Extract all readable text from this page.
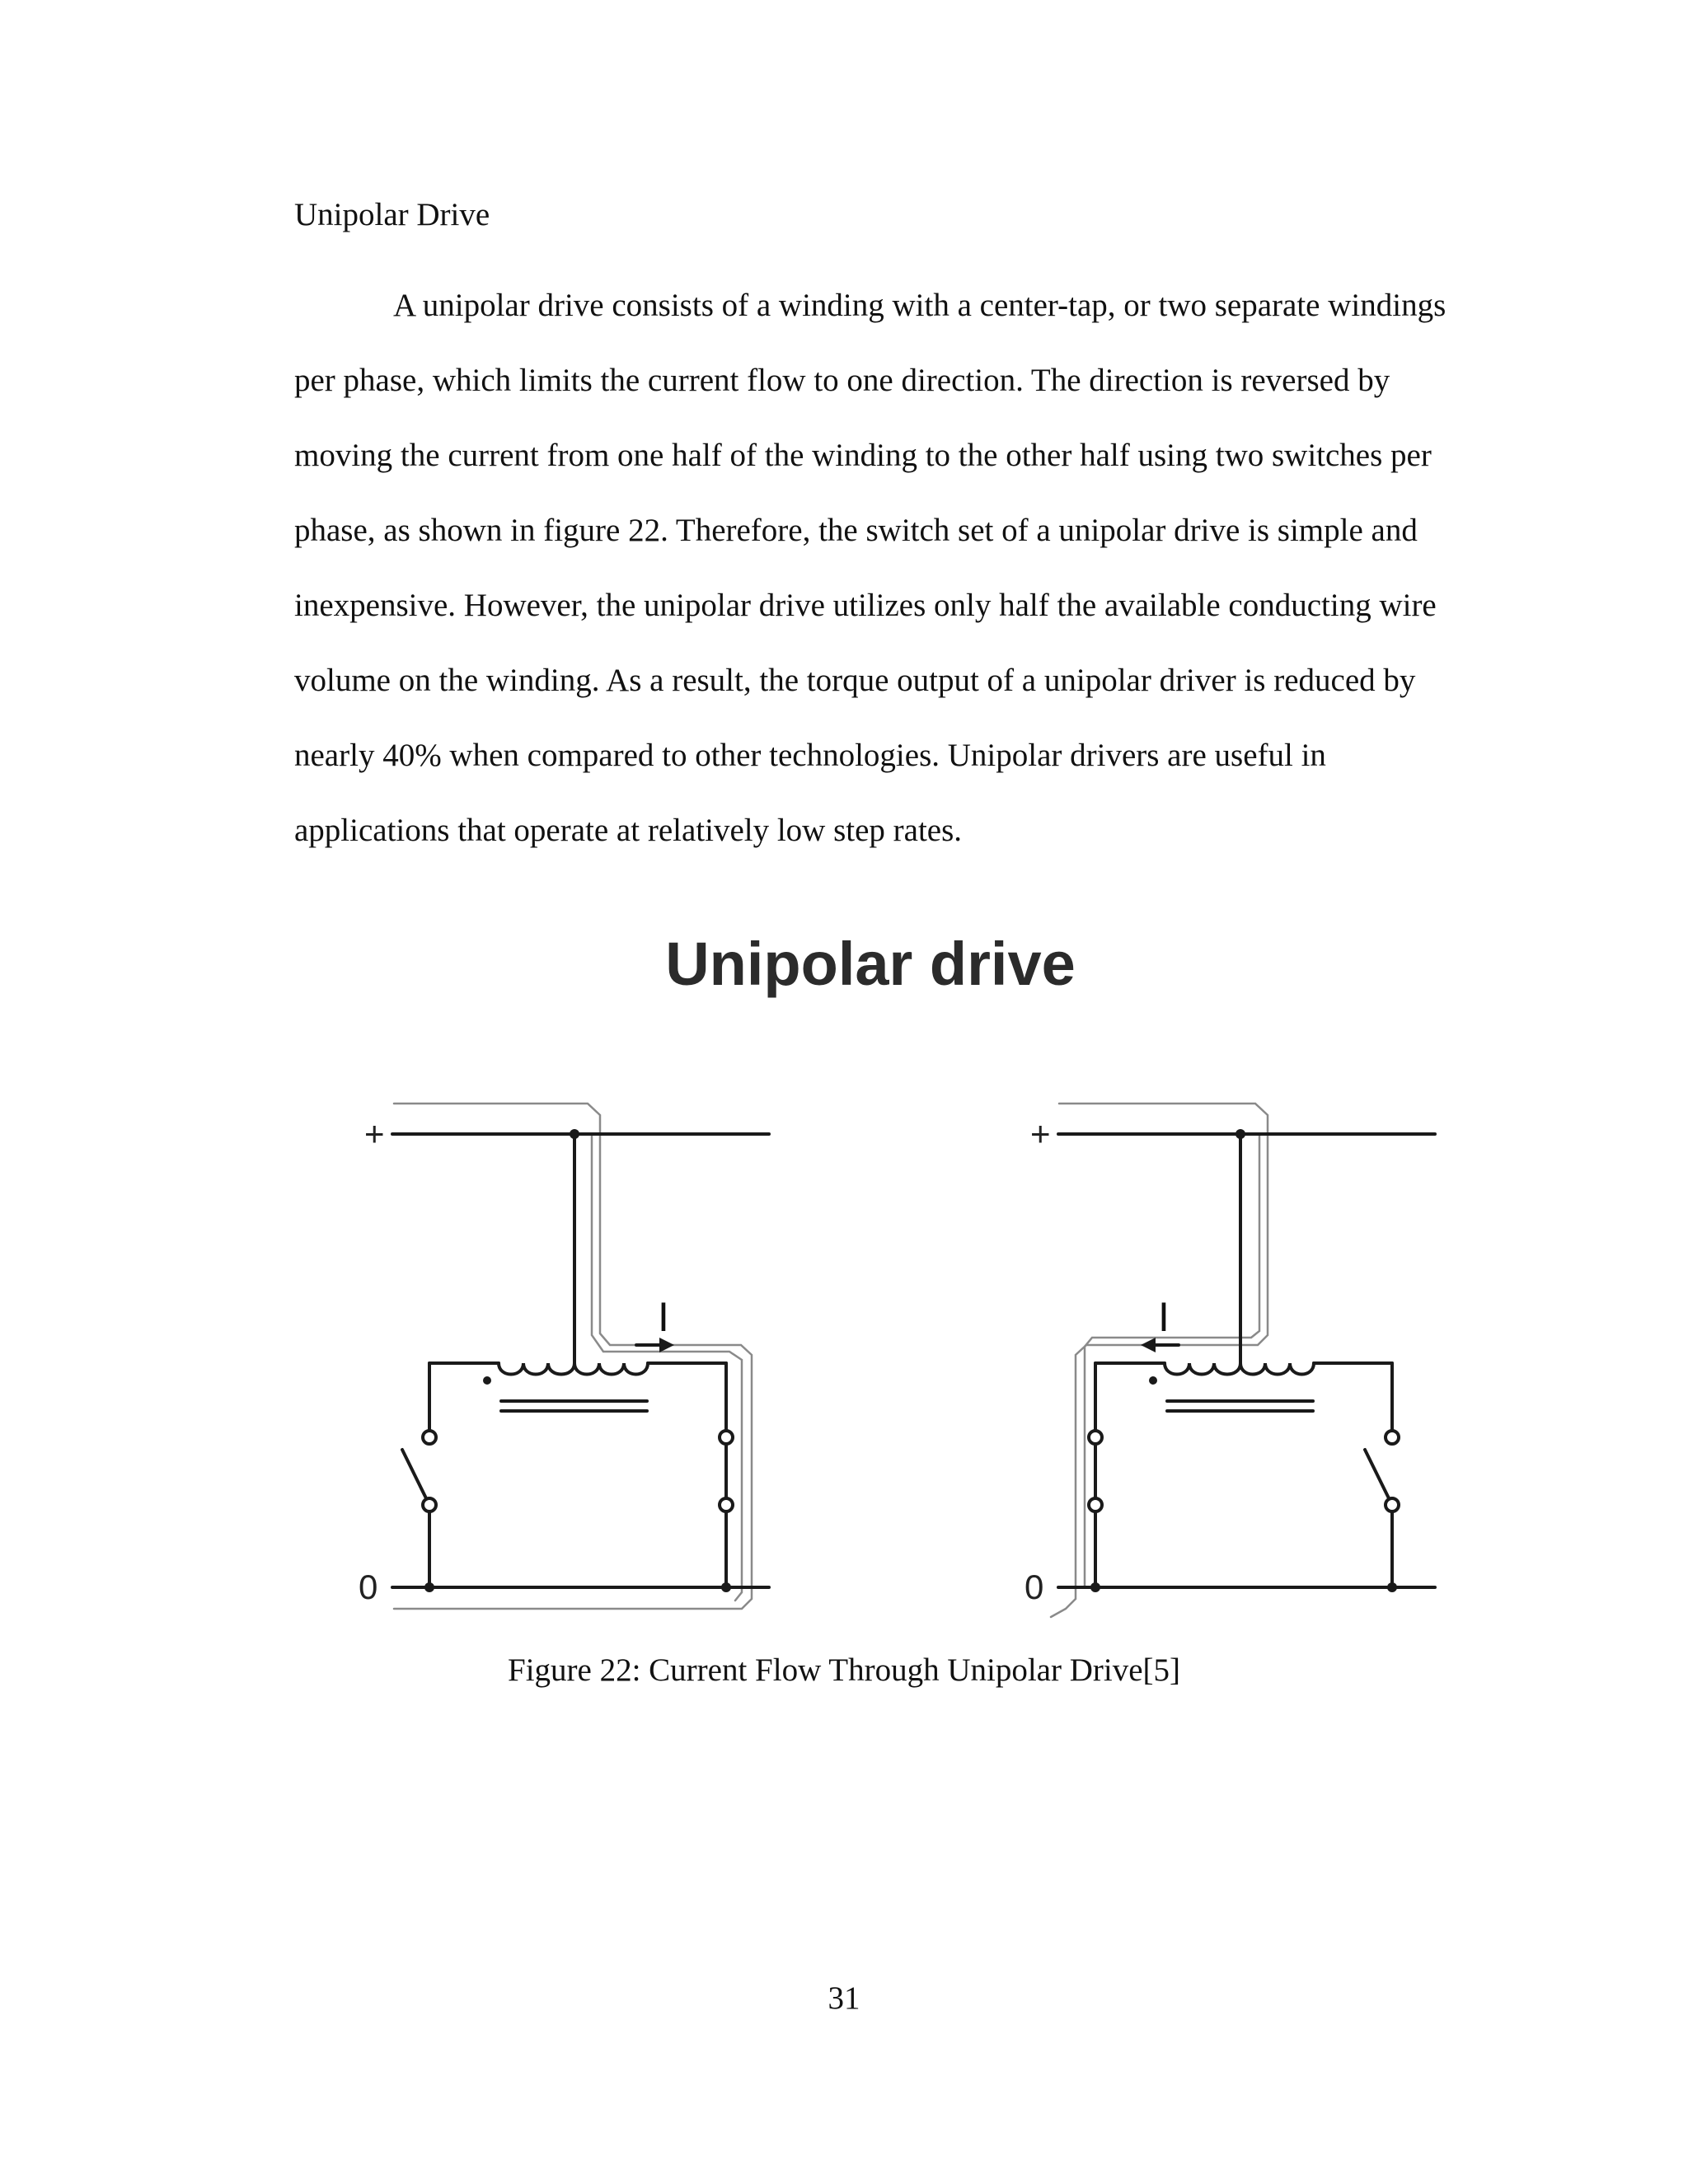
Unipolar Drive

A unipolar drive consists of a winding with a center-tap, or two separate windings per phase, which limits the current flow to one direction. The direction is reversed by moving the current from one half of the winding to the other half using two switches per phase, as shown in figure 22. Therefore, the switch set of a unipolar drive is simple and inexpensive. However, the unipolar drive utilizes only half the available conducting wire volume on the winding. As a result, the torque output of a unipolar driver is reduced by nearly 40% when compared to other technologies. Unipolar drivers are useful in applications that operate at relatively low step rates.

Unipolar drive
+
0
I
+
0
I

Figure 22: Current Flow Through Unipolar Drive[5]

31
